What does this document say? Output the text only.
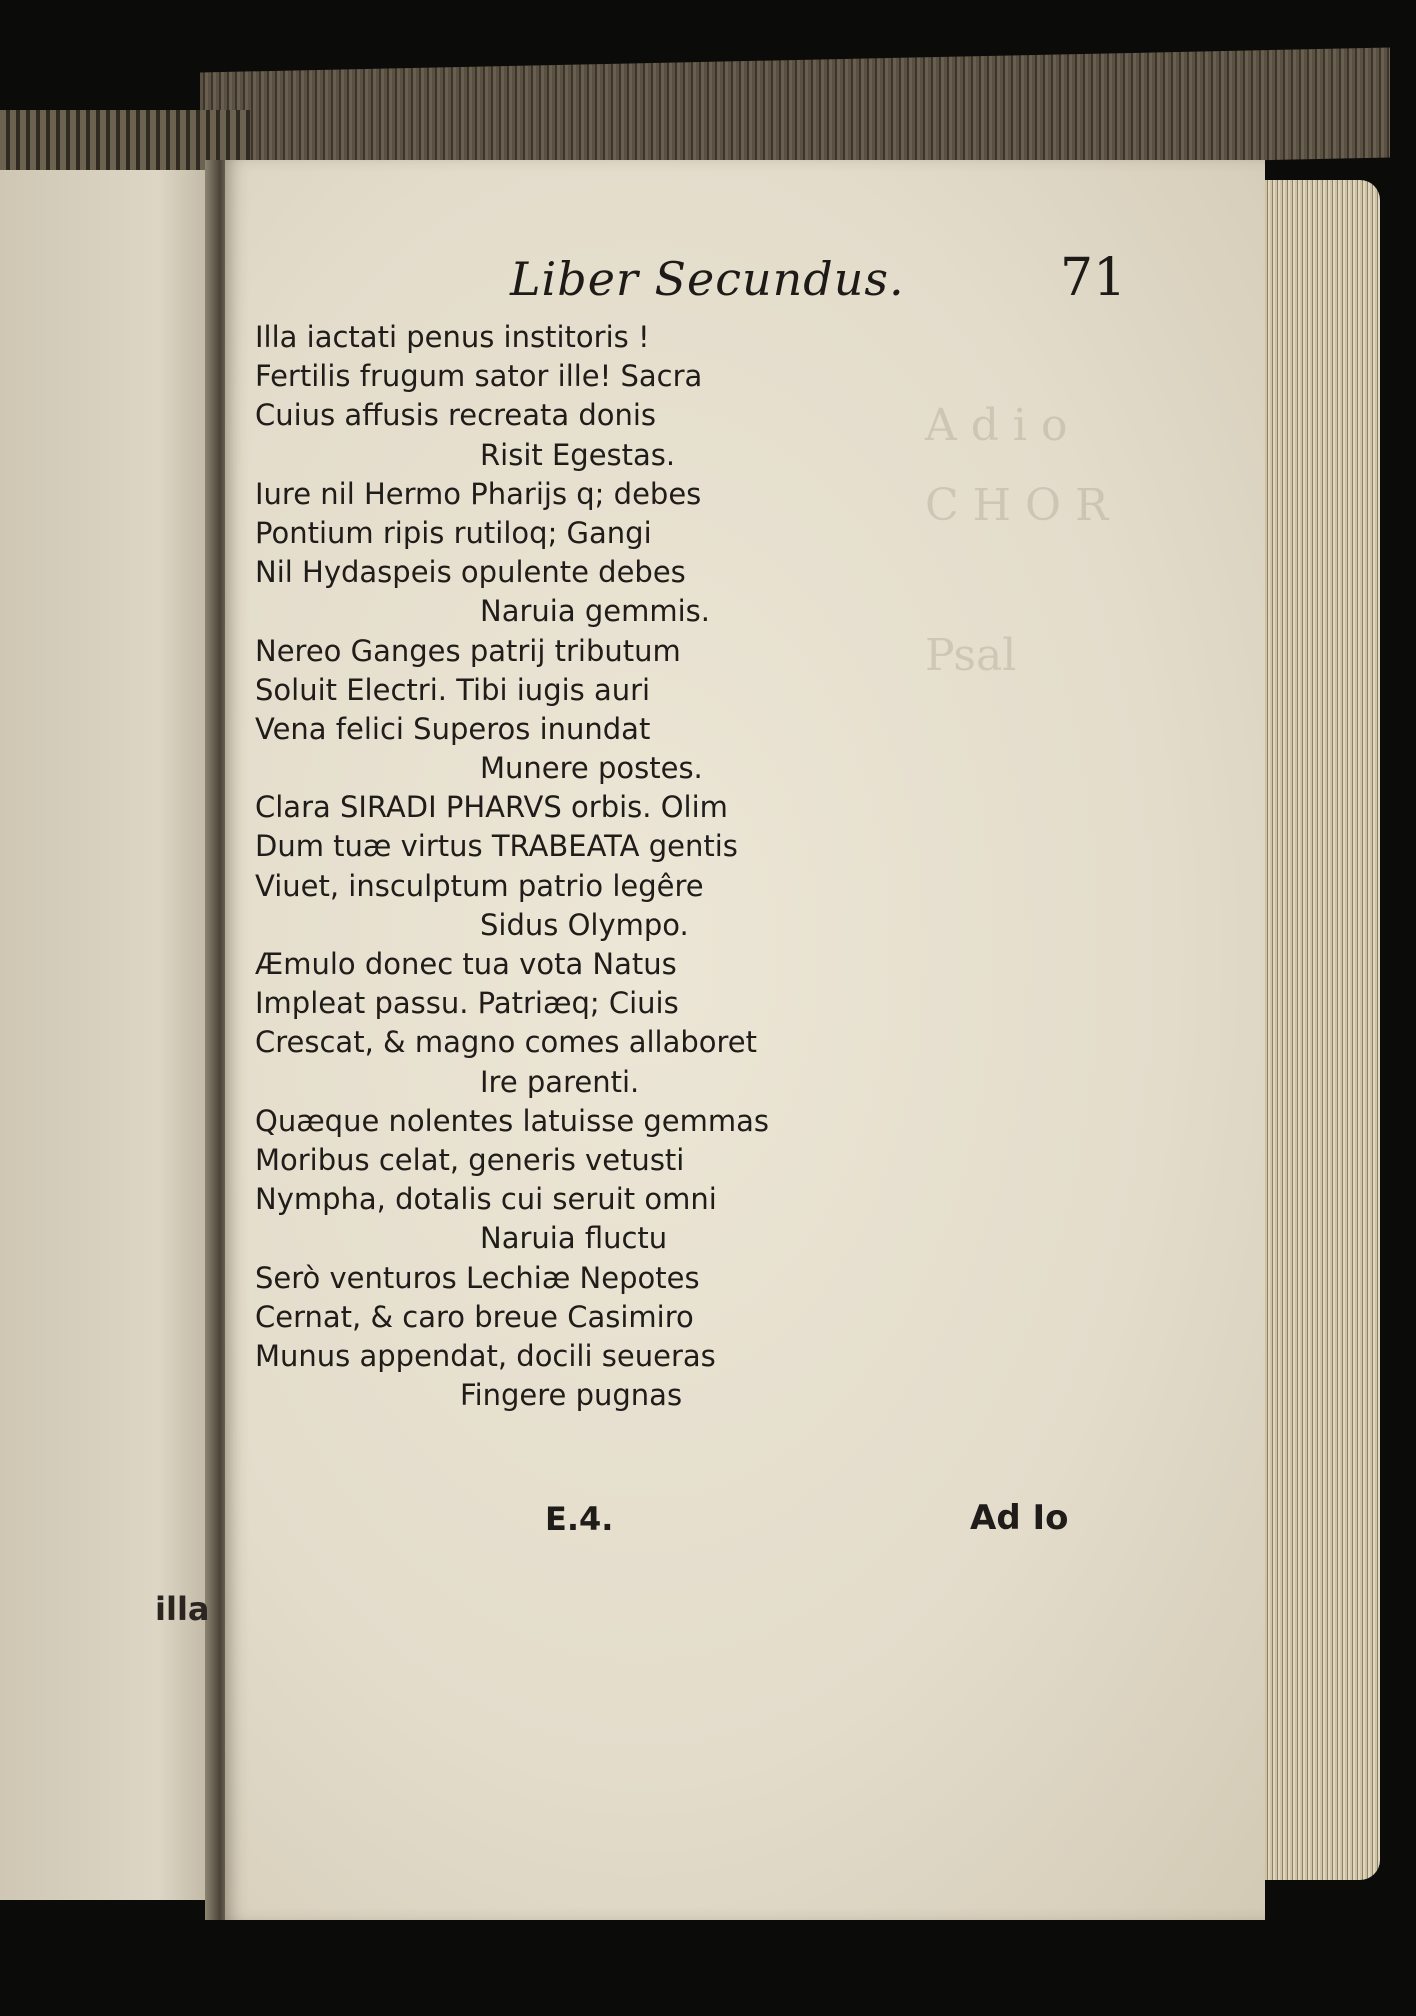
A d i o
C H O R
Psal
Liber Secundus.	71
Illa iactati penus institoris !
Fertilis frugum sator ille! Sacra
Cuius affusis recreata donis
Risit Egestas.
Iure nil Hermo Pharijs q; debes
Pontium ripis rutiloq; Gangi
Nil Hydaspeis opulente debes
Naruia gemmis.
Nereo Ganges patrij tributum
Soluit Electri. Tibi iugis auri
Vena felici Superos inundat
Munere postes.
Clara SIRADI PHARVS orbis. Olim
Dum tuæ virtus TRABEATA gentis
Viuet, insculptum patrio legêre
Sidus Olympo.
Æmulo donec tua vota Natus
Impleat passu. Patriæq; Ciuis
Crescat, & magno comes allaboret
Ire parenti.
Quæque nolentes latuisse gemmas
Moribus celat, generis vetusti
Nympha, dotalis cui seruit omni
Naruia fluctu
Serò venturos Lechiæ Nepotes
Cernat, & caro breue Casimiro
Munus appendat, docili seueras
Fingere pugnas
E.4.	Ad Io
illa
